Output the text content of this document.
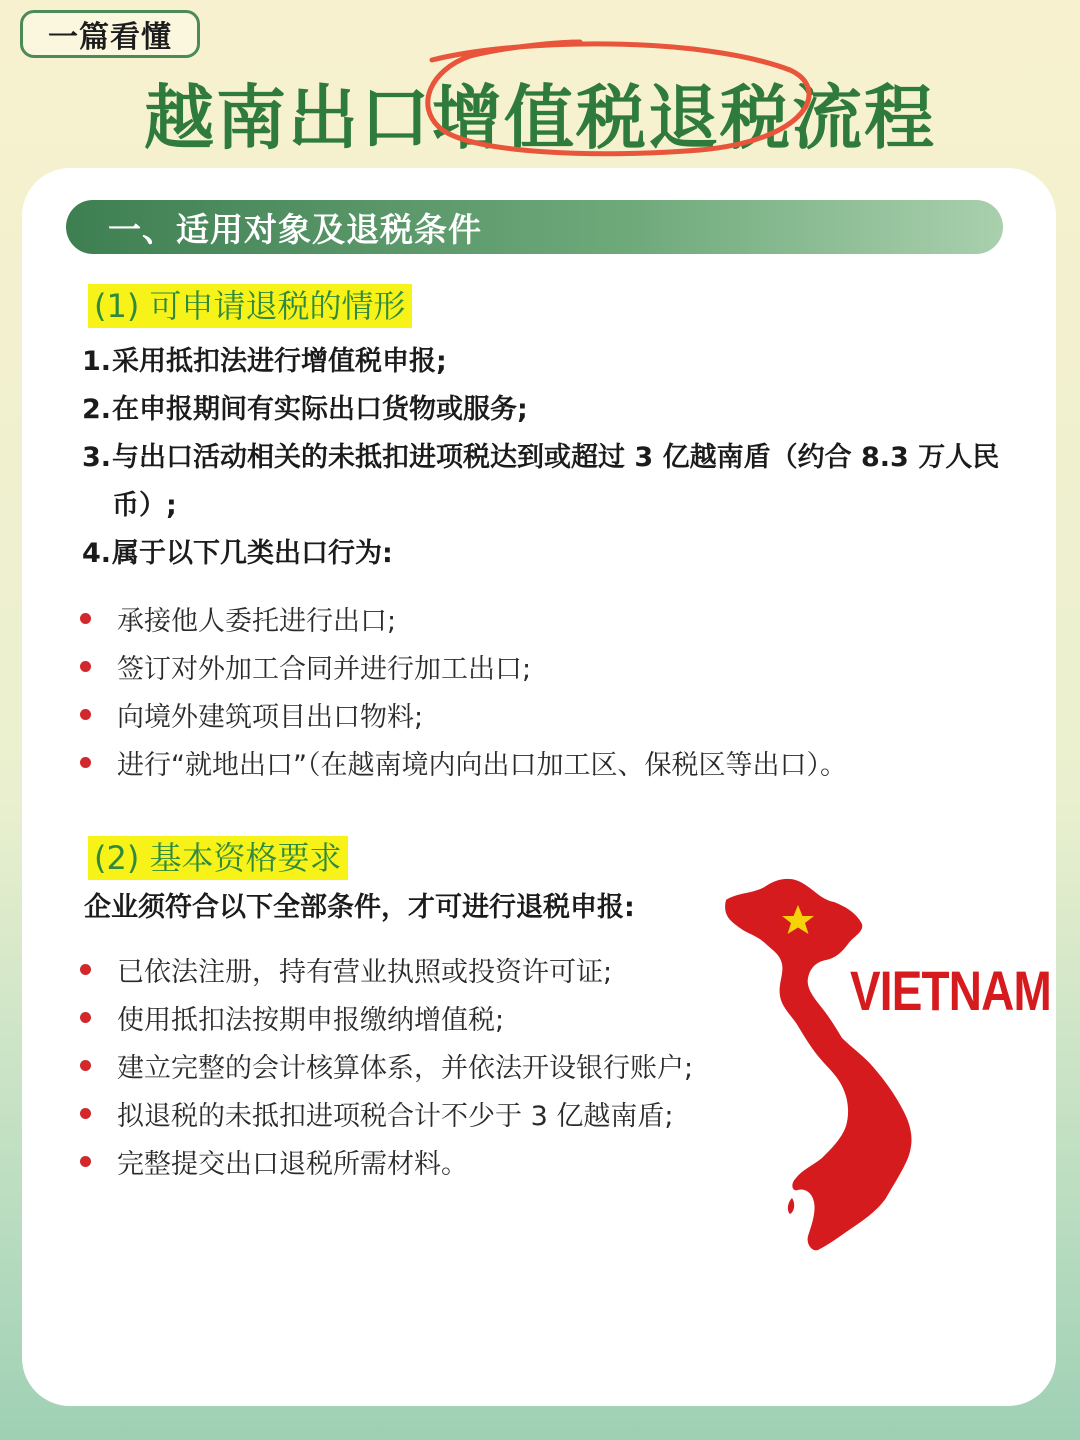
一篇看懂
越南出口增值税退税流程
一、适用对象及退税条件
(1) 可申请退税的情形
1. 采用抵扣法进行增值税申报;
2. 在申报期间有实际出口货物或服务;
3. 与出口活动相关的未抵扣进项税达到或超过 3 亿越南盾（约合 8.3 万人民币）;
4. 属于以下几类出口行为:
承接他人委托进行出口;
签订对外加工合同并进行加工出口;
向境外建筑项目出口物料;
进行“就地出口”（在越南境内向出口加工区、保税区等出口）。
(2) 基本资格要求
企业须符合以下全部条件，才可进行退税申报:
已依法注册，持有营业执照或投资许可证;
使用抵扣法按期申报缴纳增值税;
建立完整的会计核算体系，并依法开设银行账户;
拟退税的未抵扣进项税合计不少于 3 亿越南盾;
完整提交出口退税所需材料。
VIETNAM
